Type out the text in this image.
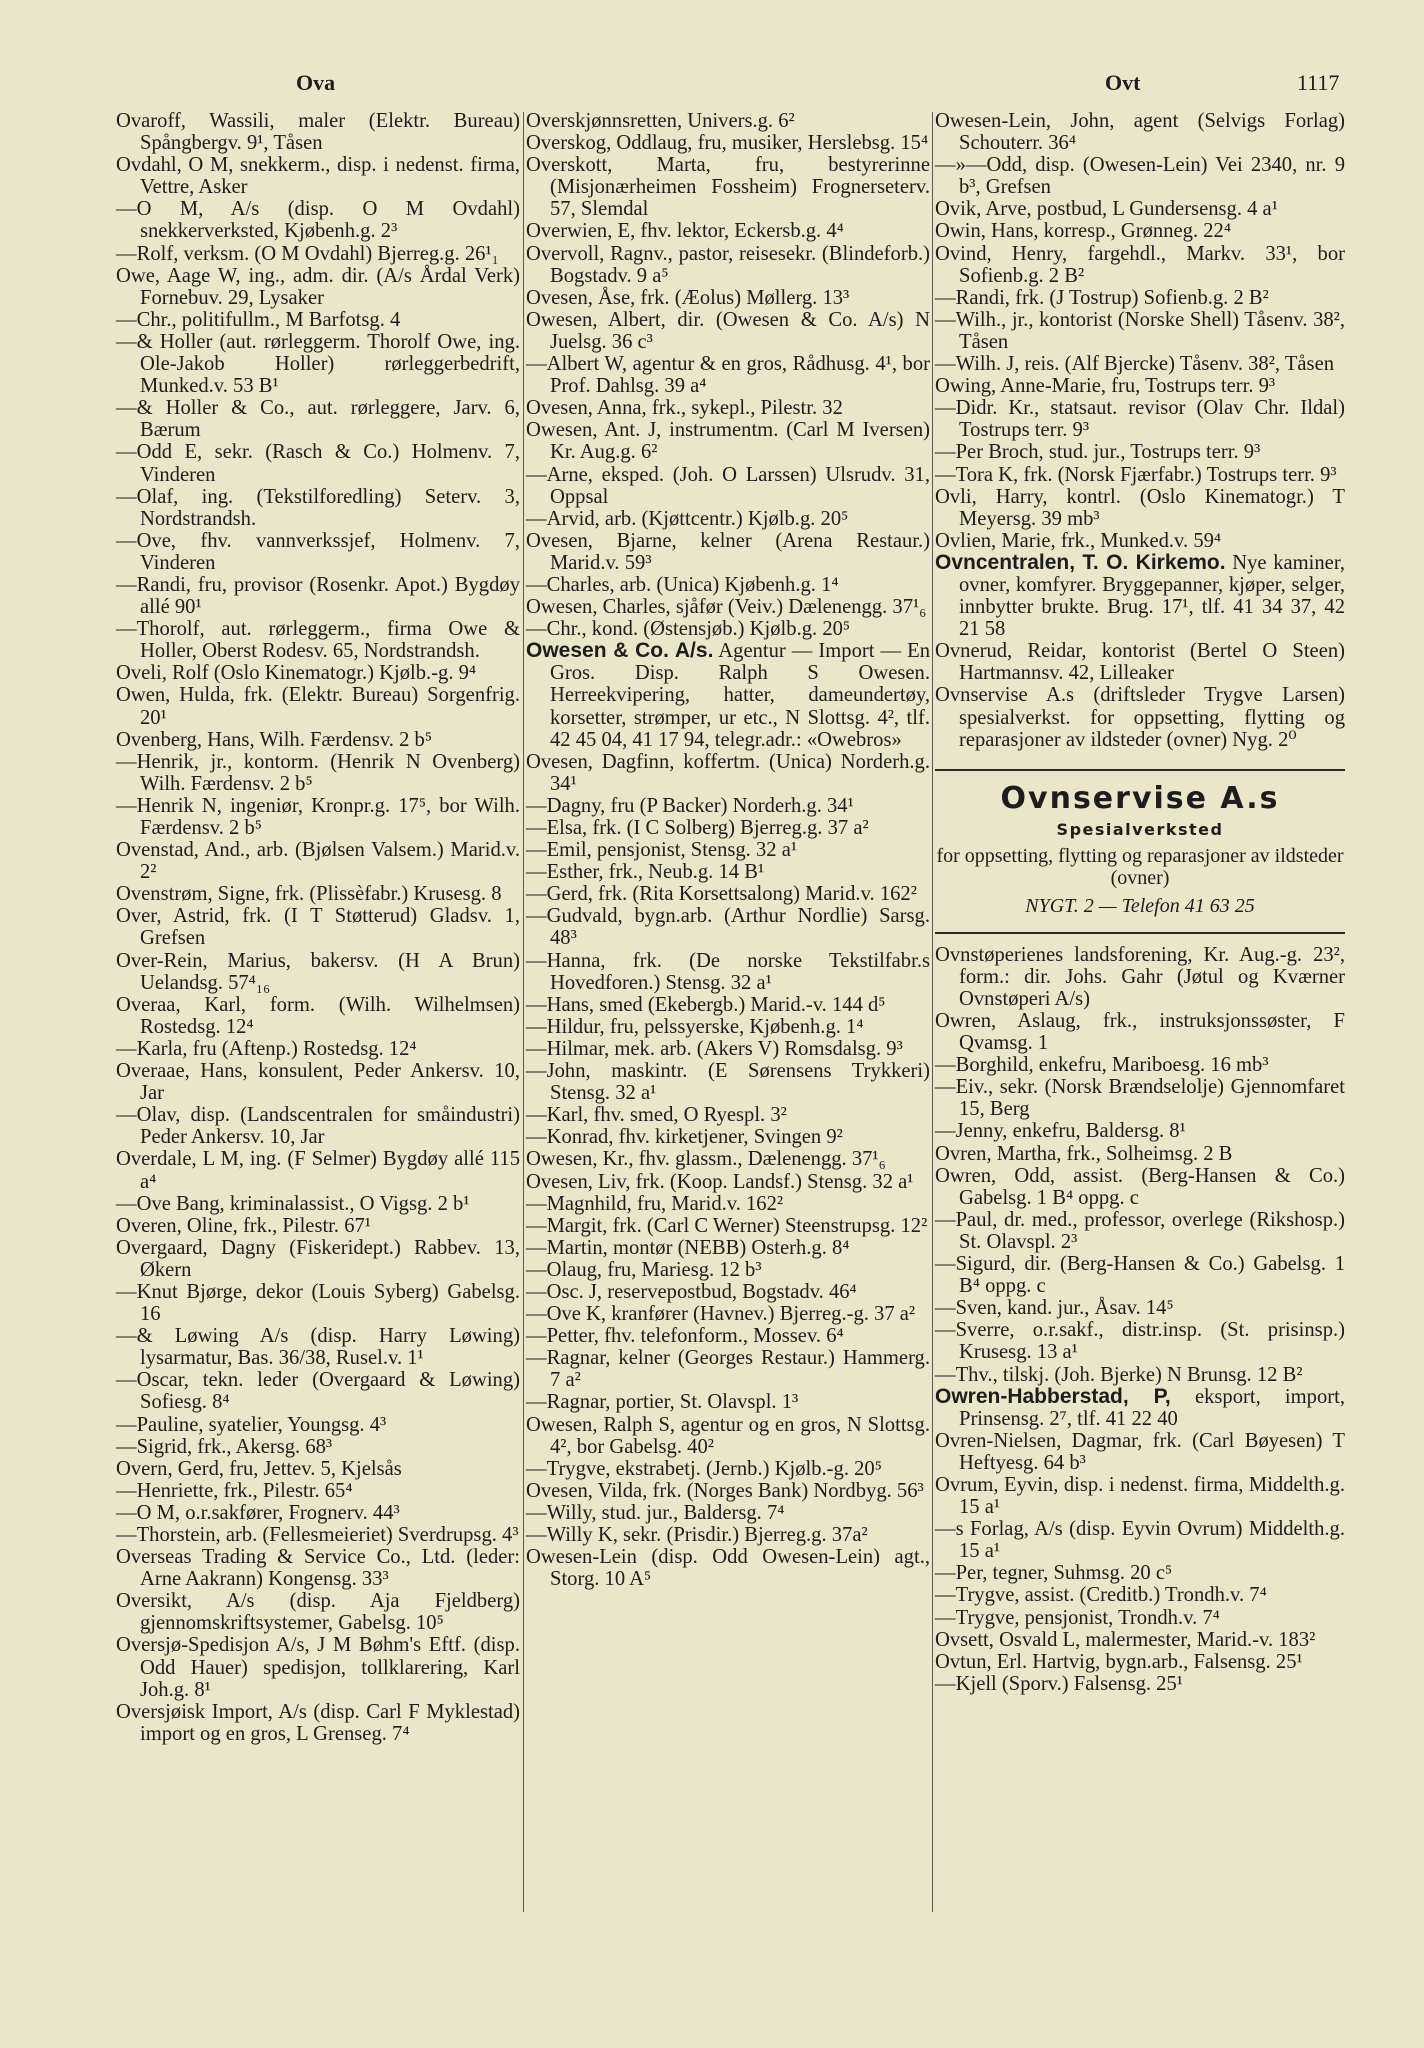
Ova	Ovt	1117
Ovaroff, Wassili, maler (Elektr. Bureau) Spångbergv. 9¹, Tåsen
Ovdahl, O M, snekkerm., disp. i nedenst. firma, Vettre, Asker
—O M, A/s (disp. O M Ovdahl) snekkerverksted, Kjøbenh.g. 2³
—Rolf, verksm. (O M Ovdahl) Bjerreg.g. 26¹₁
Owe, Aage W, ing., adm. dir. (A/s Årdal Verk) Fornebuv. 29, Lysaker
—Chr., politifullm., M Barfotsg. 4
—& Holler (aut. rørleggerm. Thorolf Owe, ing. Ole-Jakob Holler) rørleggerbedrift, Munked.v. 53 B¹
—& Holler & Co., aut. rørleggere, Jarv. 6, Bærum
—Odd E, sekr. (Rasch & Co.) Holmenv. 7, Vinderen
—Olaf, ing. (Tekstilforedling) Seterv. 3, Nordstrandsh.
—Ove, fhv. vannverkssjef, Holmenv. 7, Vinderen
—Randi, fru, provisor (Rosenkr. Apot.) Bygdøy allé 90¹
—Thorolf, aut. rørleggerm., firma Owe & Holler, Oberst Rodesv. 65, Nordstrandsh.
Oveli, Rolf (Oslo Kinematogr.) Kjølb.-g. 9⁴
Owen, Hulda, frk. (Elektr. Bureau) Sorgenfrig. 20¹
Ovenberg, Hans, Wilh. Færdensv. 2 b⁵
—Henrik, jr., kontorm. (Henrik N Ovenberg) Wilh. Færdensv. 2 b⁵
—Henrik N, ingeniør, Kronpr.g. 17⁵, bor Wilh. Færdensv. 2 b⁵
Ovenstad, And., arb. (Bjølsen Valsem.) Marid.v. 2²
Ovenstrøm, Signe, frk. (Plissèfabr.) Krusesg. 8
Over, Astrid, frk. (I T Støtterud) Gladsv. 1, Grefsen
Over-Rein, Marius, bakersv. (H A Brun) Uelandsg. 57⁴₁₆
Overaa, Karl, form. (Wilh. Wilhelmsen) Rostedsg. 12⁴
—Karla, fru (Aftenp.) Rostedsg. 12⁴
Overaae, Hans, konsulent, Peder Ankersv. 10, Jar
—Olav, disp. (Landscentralen for småindustri) Peder Ankersv. 10, Jar
Overdale, L M, ing. (F Selmer) Bygdøy allé 115 a⁴
—Ove Bang, kriminalassist., O Vigsg. 2 b¹
Overen, Oline, frk., Pilestr. 67¹
Overgaard, Dagny (Fiskeridept.) Rabbev. 13, Økern
—Knut Bjørge, dekor (Louis Syberg) Gabelsg. 16
—& Løwing A/s (disp. Harry Løwing) lysarmatur, Bas. 36/38, Rusel.v. 1¹
—Oscar, tekn. leder (Overgaard & Løwing) Sofiesg. 8⁴
—Pauline, syatelier, Youngsg. 4³
—Sigrid, frk., Akersg. 68³
Overn, Gerd, fru, Jettev. 5, Kjelsås
—Henriette, frk., Pilestr. 65⁴
—O M, o.r.sakfører, Frognerv. 44³
—Thorstein, arb. (Fellesmeieriet) Sverdrupsg. 4³
Overseas Trading & Service Co., Ltd. (leder: Arne Aakrann) Kongensg. 33³
Oversikt, A/s (disp. Aja Fjeldberg) gjennomskriftsystemer, Gabelsg. 10⁵
Oversjø-Spedisjon A/s, J M Bøhm's Eftf. (disp. Odd Hauer) spedisjon, tollklarering, Karl Joh.g. 8¹
Oversjøisk Import, A/s (disp. Carl F Myklestad) import og en gros, L Grenseg. 7⁴
Overskjønnsretten, Univers.g. 6²
Overskog, Oddlaug, fru, musiker, Herslebsg. 15⁴
Overskott, Marta, fru, bestyrerinne (Misjonærheimen Fossheim) Frognerseterv. 57, Slemdal
Overwien, E, fhv. lektor, Eckersb.g. 4⁴
Overvoll, Ragnv., pastor, reisesekr. (Blindeforb.) Bogstadv. 9 a⁵
Ovesen, Åse, frk. (Æolus) Møllerg. 13³
Owesen, Albert, dir. (Owesen & Co. A/s) N Juelsg. 36 c³
—Albert W, agentur & en gros, Rådhusg. 4¹, bor Prof. Dahlsg. 39 a⁴
Ovesen, Anna, frk., sykepl., Pilestr. 32
Owesen, Ant. J, instrumentm. (Carl M Iversen) Kr. Aug.g. 6²
—Arne, eksped. (Joh. O Larssen) Ulsrudv. 31, Oppsal
—Arvid, arb. (Kjøttcentr.) Kjølb.g. 20⁵
Ovesen, Bjarne, kelner (Arena Restaur.) Marid.v. 59³
—Charles, arb. (Unica) Kjøbenh.g. 1⁴
Owesen, Charles, sjåfør (Veiv.) Dælenengg. 37¹₆
—Chr., kond. (Østensjøb.) Kjølb.g. 20⁵
Owesen & Co. A/s. Agentur — Import — En Gros. Disp. Ralph S Owesen. Herreekvipering, hatter, dameundertøy, korsetter, strømper, ur etc., N Slottsg. 4², tlf. 42 45 04, 41 17 94, telegr.adr.: «Owebros»
Ovesen, Dagfinn, koffertm. (Unica) Norderh.g. 34¹
—Dagny, fru (P Backer) Norderh.g. 34¹
—Elsa, frk. (I C Solberg) Bjerreg.g. 37 a²
—Emil, pensjonist, Stensg. 32 a¹
—Esther, frk., Neub.g. 14 B¹
—Gerd, frk. (Rita Korsettsalong) Marid.v. 162²
—Gudvald, bygn.arb. (Arthur Nordlie) Sarsg. 48³
—Hanna, frk. (De norske Tekstilfabr.s Hovedforen.) Stensg. 32 a¹
—Hans, smed (Ekebergb.) Marid.-v. 144 d⁵
—Hildur, fru, pelssyerske, Kjøbenh.g. 1⁴
—Hilmar, mek. arb. (Akers V) Romsdalsg. 9³
—John, maskintr. (E Sørensens Trykkeri) Stensg. 32 a¹
—Karl, fhv. smed, O Ryespl. 3²
—Konrad, fhv. kirketjener, Svingen 9²
Owesen, Kr., fhv. glassm., Dælenengg. 37¹₆
Ovesen, Liv, frk. (Koop. Landsf.) Stensg. 32 a¹
—Magnhild, fru, Marid.v. 162²
—Margit, frk. (Carl C Werner) Steenstrupsg. 12²
—Martin, montør (NEBB) Osterh.g. 8⁴
—Olaug, fru, Mariesg. 12 b³
—Osc. J, reservepostbud, Bogstadv. 46⁴
—Ove K, kranfører (Havnev.) Bjerreg.-g. 37 a²
—Petter, fhv. telefonform., Mossev. 6⁴
—Ragnar, kelner (Georges Restaur.) Hammerg. 7 a²
—Ragnar, portier, St. Olavspl. 1³
Owesen, Ralph S, agentur og en gros, N Slottsg. 4², bor Gabelsg. 40²
—Trygve, ekstrabetj. (Jernb.) Kjølb.-g. 20⁵
Ovesen, Vilda, frk. (Norges Bank) Nordbyg. 56³
—Willy, stud. jur., Baldersg. 7⁴
—Willy K, sekr. (Prisdir.) Bjerreg.g. 37a²
Owesen-Lein (disp. Odd Owesen-Lein) agt., Storg. 10 A⁵
Owesen-Lein, John, agent (Selvigs Forlag) Schouterr. 36⁴
—»—Odd, disp. (Owesen-Lein) Vei 2340, nr. 9 b³, Grefsen
Ovik, Arve, postbud, L Gundersensg. 4 a¹
Owin, Hans, korresp., Grønneg. 22⁴
Ovind, Henry, fargehdl., Markv. 33¹, bor Sofienb.g. 2 B²
—Randi, frk. (J Tostrup) Sofienb.g. 2 B²
—Wilh., jr., kontorist (Norske Shell) Tåsenv. 38², Tåsen
—Wilh. J, reis. (Alf Bjercke) Tåsenv. 38², Tåsen
Owing, Anne-Marie, fru, Tostrups terr. 9³
—Didr. Kr., statsaut. revisor (Olav Chr. Ildal) Tostrups terr. 9³
—Per Broch, stud. jur., Tostrups terr. 9³
—Tora K, frk. (Norsk Fjærfabr.) Tostrups terr. 9³
Ovli, Harry, kontrl. (Oslo Kinematogr.) T Meyersg. 39 mb³
Ovlien, Marie, frk., Munked.v. 59⁴
Ovncentralen, T. O. Kirkemo. Nye kaminer, ovner, komfyrer. Bryggepanner, kjøper, selger, innbytter brukte. Brug. 17¹, tlf. 41 34 37, 42 21 58
Ovnerud, Reidar, kontorist (Bertel O Steen) Hartmannsv. 42, Lilleaker
Ovnservise A.s (driftsleder Trygve Larsen) spesialverkst. for oppsetting, flytting og reparasjoner av ildsteder (ovner) Nyg. 2⁰
Ovnservise A.s
Spesialverksted
for oppsetting, flytting og reparasjoner av ildsteder (ovner)
NYGT. 2 — Telefon 41 63 25
Ovnstøperienes landsforening, Kr. Aug.-g. 23², form.: dir. Johs. Gahr (Jøtul og Kværner Ovnstøperi A/s)
Owren, Aslaug, frk., instruksjonssøster, F Qvamsg. 1
—Borghild, enkefru, Mariboesg. 16 mb³
—Eiv., sekr. (Norsk Brændselolje) Gjennomfaret 15, Berg
—Jenny, enkefru, Baldersg. 8¹
Ovren, Martha, frk., Solheimsg. 2 B
Owren, Odd, assist. (Berg-Hansen & Co.) Gabelsg. 1 B⁴ oppg. c
—Paul, dr. med., professor, overlege (Rikshosp.) St. Olavspl. 2³
—Sigurd, dir. (Berg-Hansen & Co.) Gabelsg. 1 B⁴ oppg. c
—Sven, kand. jur., Åsav. 14⁵
—Sverre, o.r.sakf., distr.insp. (St. prisinsp.) Krusesg. 13 a¹
—Thv., tilskj. (Joh. Bjerke) N Brunsg. 12 B²
Owren-Habberstad, P, eksport, import, Prinsensg. 2⁷, tlf. 41 22 40
Ovren-Nielsen, Dagmar, frk. (Carl Bøyesen) T Heftyesg. 64 b³
Ovrum, Eyvin, disp. i nedenst. firma, Middelth.g. 15 a¹
—s Forlag, A/s (disp. Eyvin Ovrum) Middelth.g. 15 a¹
—Per, tegner, Suhmsg. 20 c⁵
—Trygve, assist. (Creditb.) Trondh.v. 7⁴
—Trygve, pensjonist, Trondh.v. 7⁴
Ovsett, Osvald L, malermester, Marid.-v. 183²
Ovtun, Erl. Hartvig, bygn.arb., Falsensg. 25¹
—Kjell (Sporv.) Falsensg. 25¹
